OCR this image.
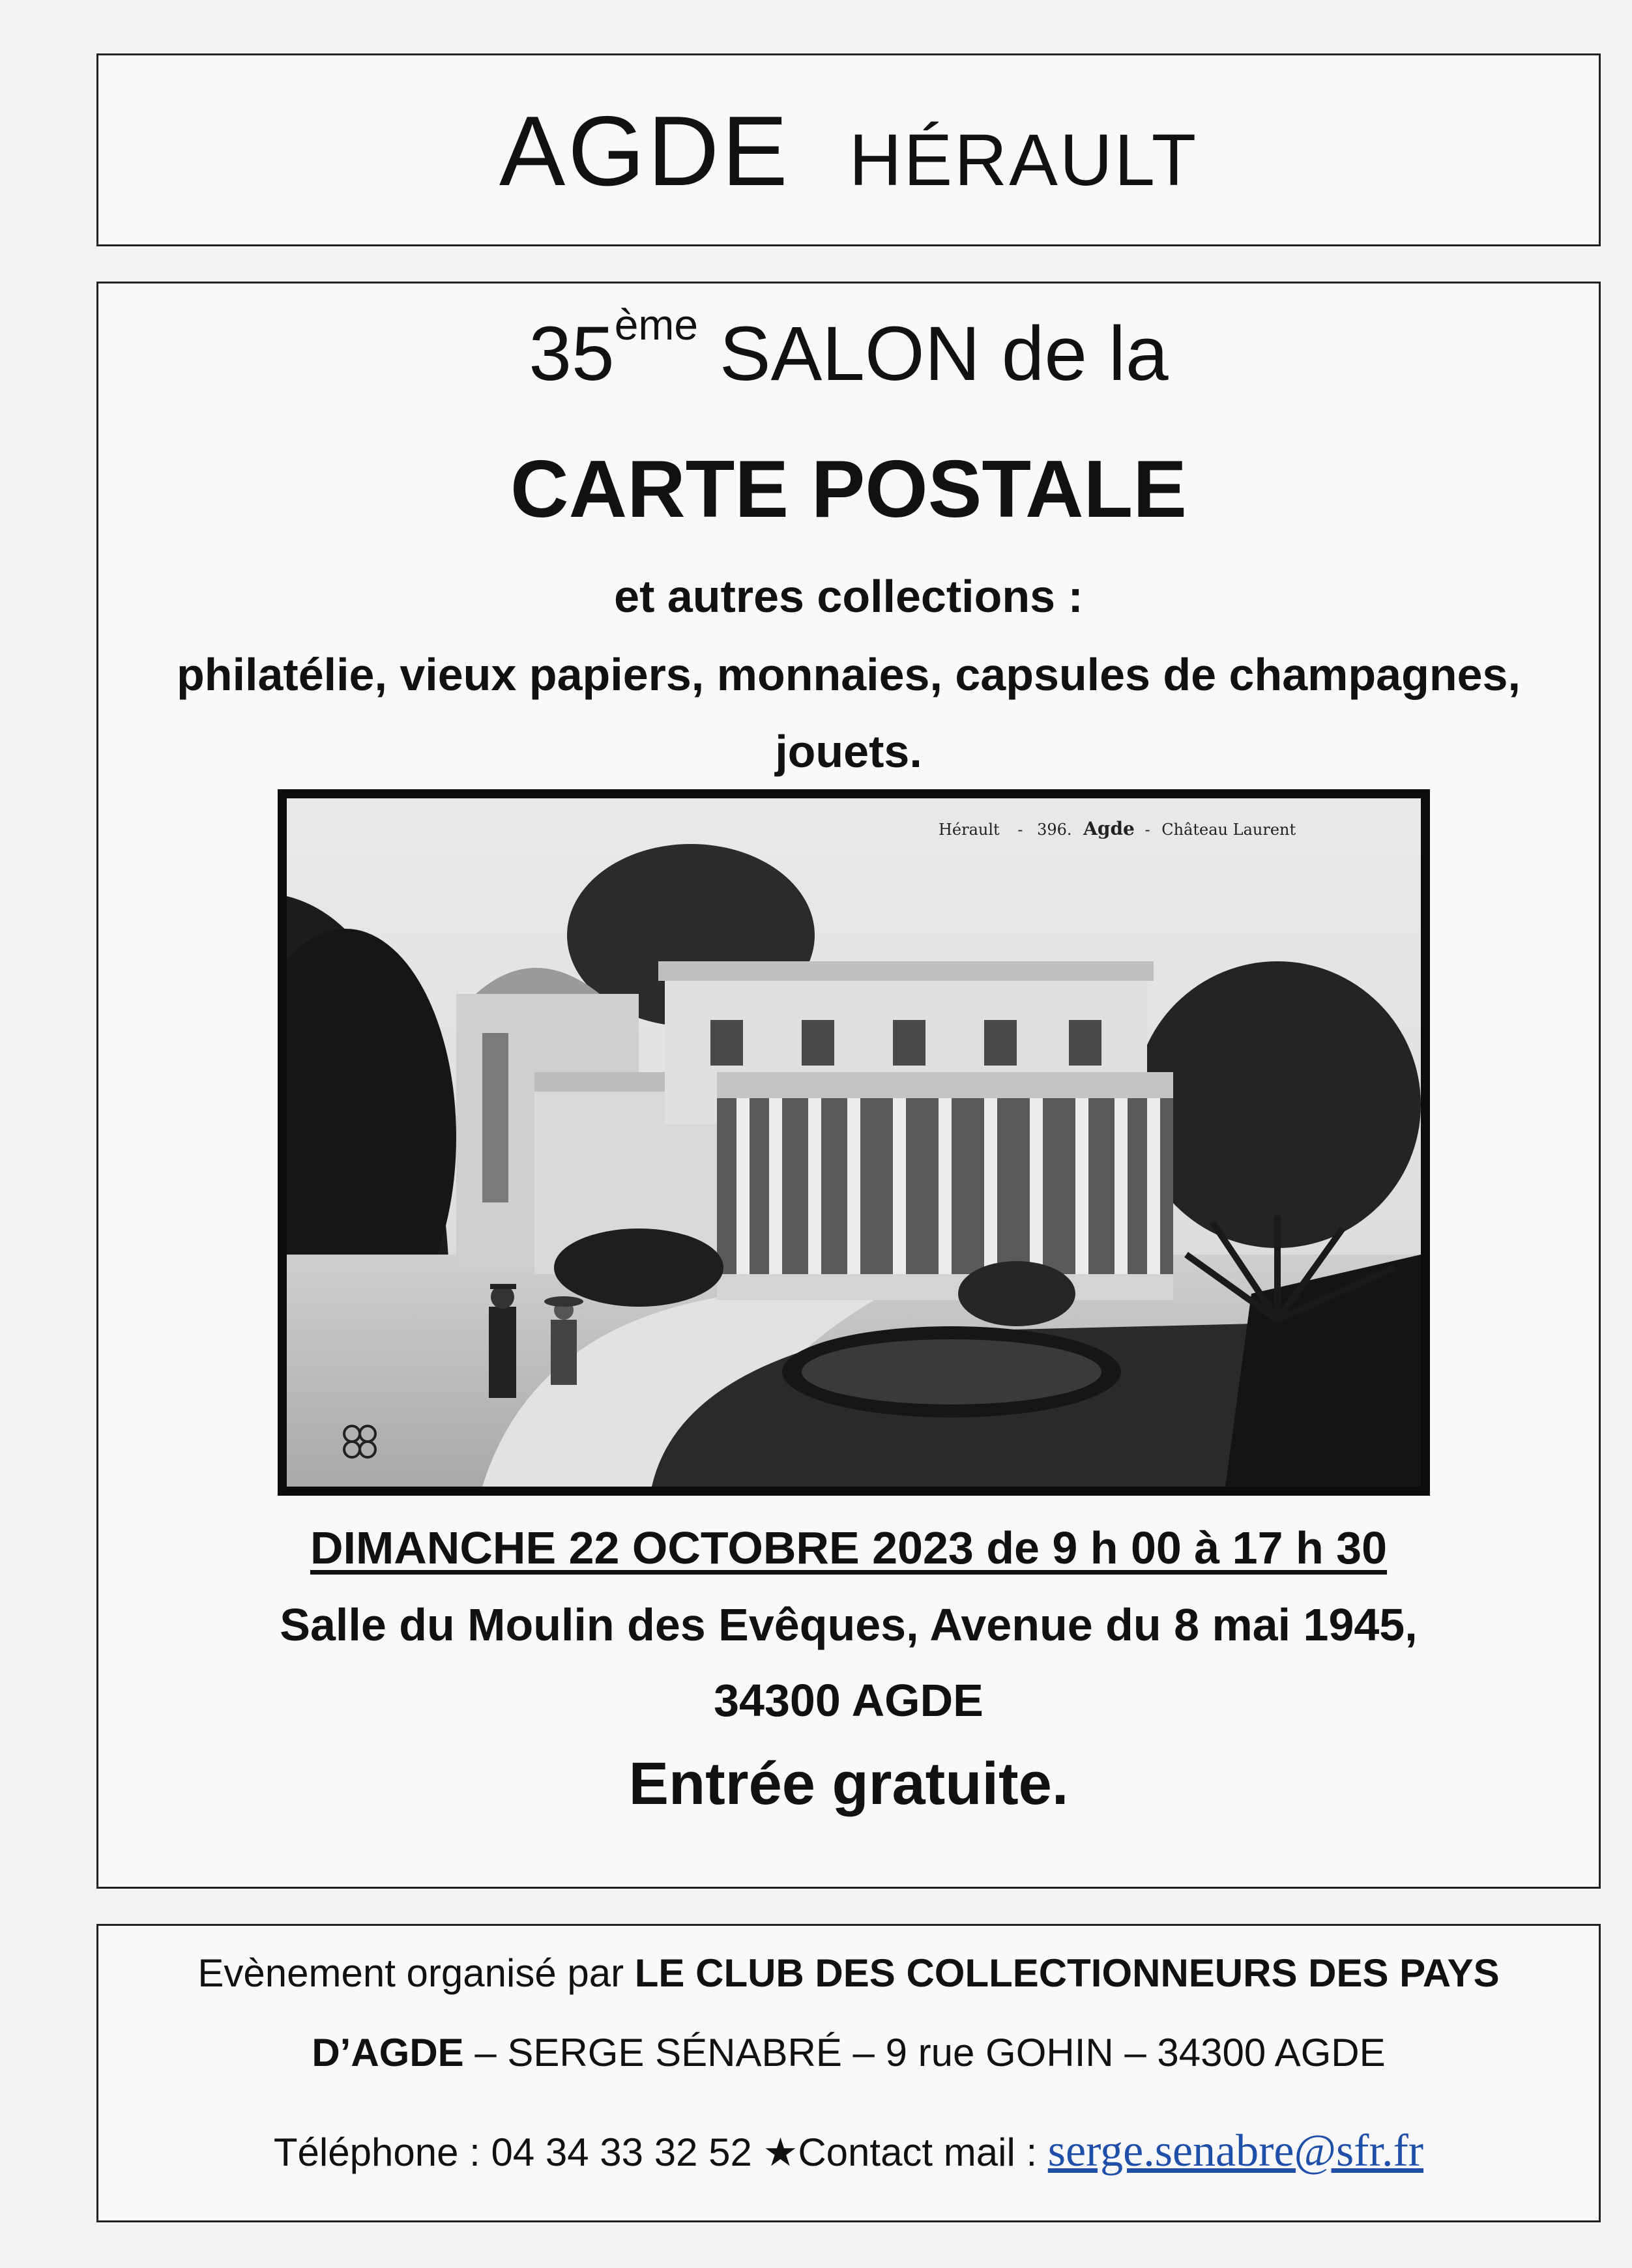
AGDE HÉRAULT
35ème SALON de la
CARTE POSTALE
et autres collections :
philatélie, vieux papiers, monnaies, capsules de champagnes,
jouets.
Hérault - 396. Agde - Château Laurent
DIMANCHE 22 OCTOBRE 2023 de 9 h 00 à 17 h 30
Salle du Moulin des Evêques, Avenue du 8 mai 1945,
34300 AGDE
Entrée gratuite.
Evènement organisé par LE CLUB DES COLLECTIONNEURS DES PAYS
D’AGDE – SERGE SÉNABRÉ – 9 rue GOHIN – 34300 AGDE
Téléphone : 04 34 33 32 52 ★Contact mail : serge.senabre@sfr.fr
